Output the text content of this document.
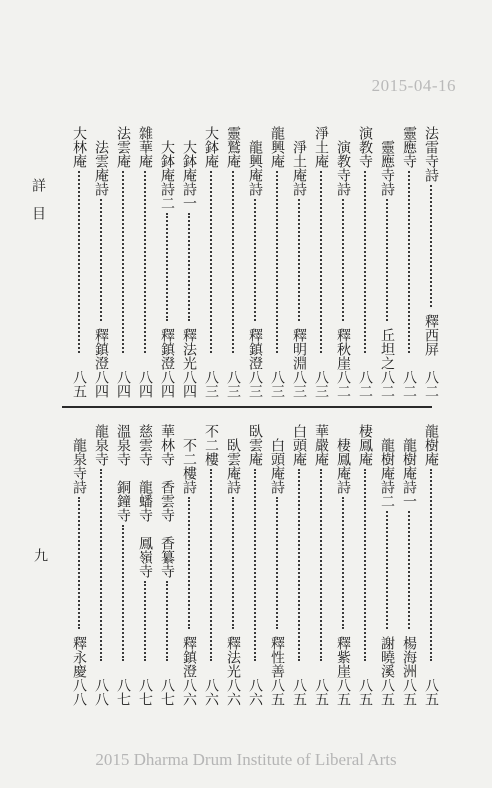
2015-04-16
詳目
法雷寺詩
釋西屏
八二
靈應寺
八二
靈應寺詩
丘坦之
八二
演教寺
八二
演教寺詩
釋秋崖
八二
淨土庵
八三
淨土庵詩
釋明淵
八三
龍興庵
八三
龍興庵詩
釋鎮澄
八三
靈鷲庵
八三
大鉢庵
八三
大鉢庵詩一
釋法光
八四
大鉢庵詩二
釋鎮澄
八四
雜華庵
八四
法雲庵
八四
法雲庵詩
釋鎮澄
八四
大林庵
八五
龍樹庵
八五
龍樹庵詩一
楊海洲
八五
龍樹庵詩二
謝曉溪
八五
棲鳳庵
八五
棲鳳庵詩
釋紫崖
八五
華嚴庵
八五
白頭庵
八五
白頭庵詩
釋性善
八五
臥雲庵
八六
臥雲庵詩
釋法光
八六
不二樓
八六
不二樓詩
釋鎮澄
八六
華林寺　香雲寺　香纂寺
八七
慈雲寺　龍蟠寺　鳳嶺寺
八七
溫泉寺　銅鐘寺
八七
龍泉寺
八八
龍泉寺詩
釋永慶
八八
九
2015 Dharma Drum Institute of Liberal Arts
